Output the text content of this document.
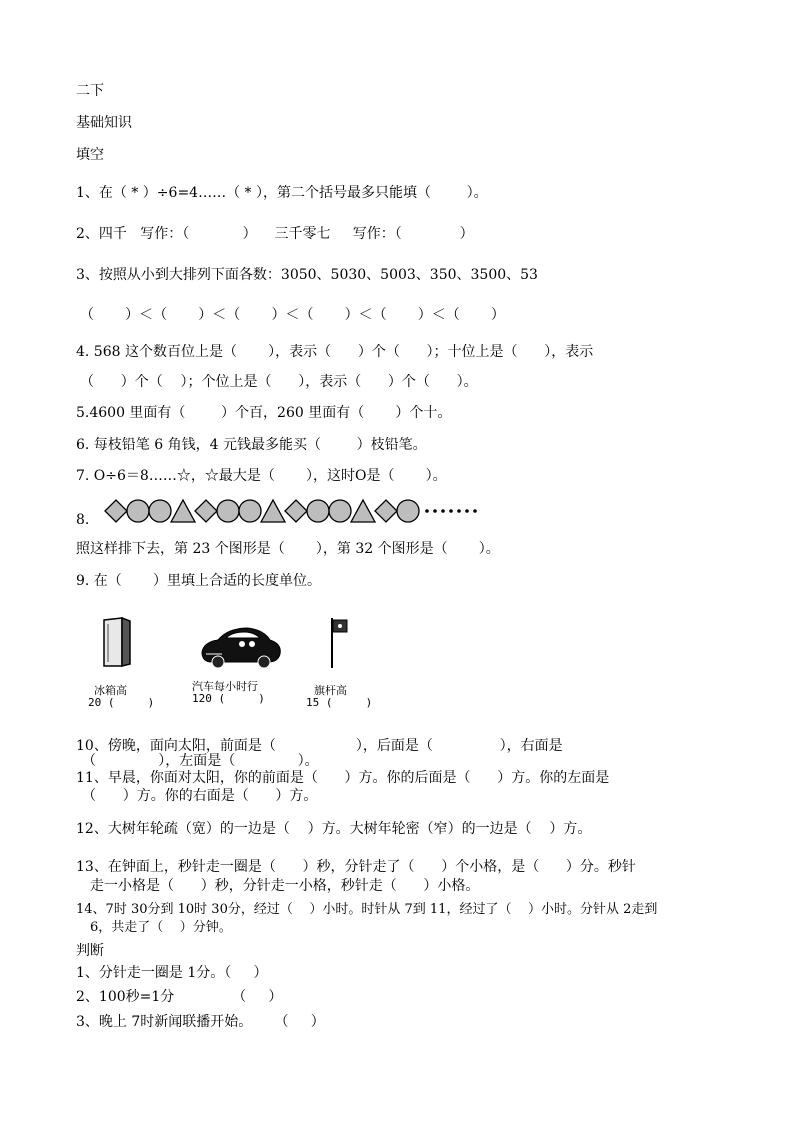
二下
基础知识
填空
1、在（ * ）÷6=4……（ * ），第二个括号最多只能填（        ）。
2、四千   写作：（            ）    三千零七     写作：（             ）
3、按照从小到大排列下面各数：3050、5030、5003、350、3500、53
（       ）＜（       ）＜（       ）＜（       ）＜（       ）＜（       ）
4. 568 这个数百位上是（       ），表示（      ）个（      ）；十位上是（      ），表示
（      ）个（    ）；个位上是（      ），表示（      ）个（      ）。
5.4600 里面有（        ）个百，260 里面有（       ）个十。
6. 每枝铅笔 6 角钱，4 元钱最多能买（        ）枝铅笔。
7. O÷6＝8……☆，☆最大是（       ），这时O是（       ）。
8.
照这样排下去，第 23 个图形是（       ），第 32 个图形是（       ）。
9. 在（       ）里填上合适的长度单位。
冰箱高
20 (     )
汽车每小时行
120 (     )
旗杆高
15 (     )
10、傍晚，面向太阳，前面是（                  ），后面是（               ），右面是
（              ），左面是（              ）。
11、早晨，你面对太阳，你的前面是（      ）方。你的后面是（      ）方。你的左面是
（      ）方。你的右面是（      ）方。
12、大树年轮疏（宽）的一边是（    ）方。大树年轮密（窄）的一边是（    ）方。
13、在钟面上，秒针走一圈是（      ）秒，分针走了（      ）个小格，是（      ）分。秒针
走一小格是（      ）秒，分针走一小格，秒针走（      ）小格。
14、7时 30分到 10时 30分，经过（    ）小时。时针从 7到 11，经过了（    ）小时。分针从 2走到
6，共走了（    ）分钟。
判断
1、分针走一圈是 1分。（     ）
2、100秒=1分             （     ）
3、晚上 7时新闻联播开始。     （     ）
